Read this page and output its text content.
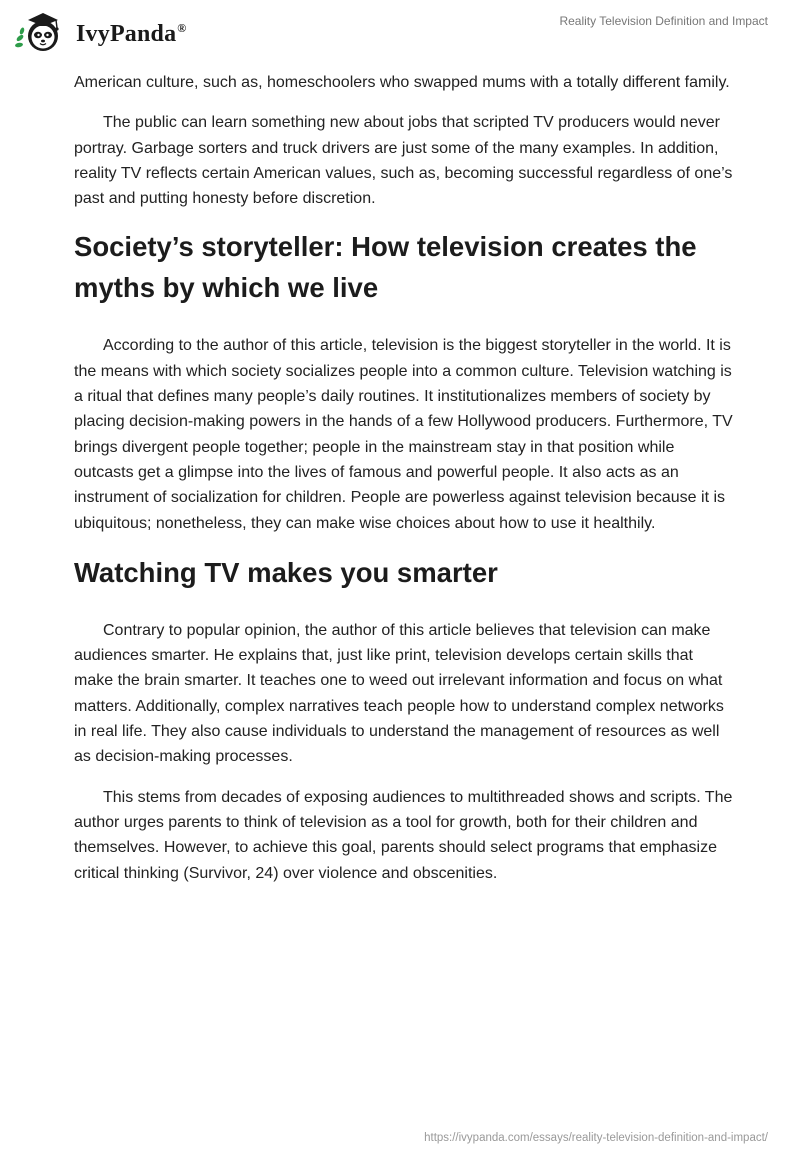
IvyPanda®	Reality Television Definition and Impact

American culture, such as, homeschoolers who swapped mums with a totally different family.

The public can learn something new about jobs that scripted TV producers would never portray. Garbage sorters and truck drivers are just some of the many examples. In addition, reality TV reflects certain American values, such as, becoming successful regardless of one’s past and putting honesty before discretion.

Society’s storyteller: How television creates the myths by which we live

According to the author of this article, television is the biggest storyteller in the world. It is the means with which society socializes people into a common culture. Television watching is a ritual that defines many people’s daily routines. It institutionalizes members of society by placing decision-making powers in the hands of a few Hollywood producers. Furthermore, TV brings divergent people together; people in the mainstream stay in that position while outcasts get a glimpse into the lives of famous and powerful people. It also acts as an instrument of socialization for children. People are powerless against television because it is ubiquitous; nonetheless, they can make wise choices about how to use it healthily.

Watching TV makes you smarter

Contrary to popular opinion, the author of this article believes that television can make audiences smarter. He explains that, just like print, television develops certain skills that make the brain smarter. It teaches one to weed out irrelevant information and focus on what matters. Additionally, complex narratives teach people how to understand complex networks in real life. They also cause individuals to understand the management of resources as well as decision-making processes.

This stems from decades of exposing audiences to multithreaded shows and scripts. The author urges parents to think of television as a tool for growth, both for their children and themselves. However, to achieve this goal, parents should select programs that emphasize critical thinking (Survivor, 24) over violence and obscenities.

https://ivypanda.com/essays/reality-television-definition-and-impact/
